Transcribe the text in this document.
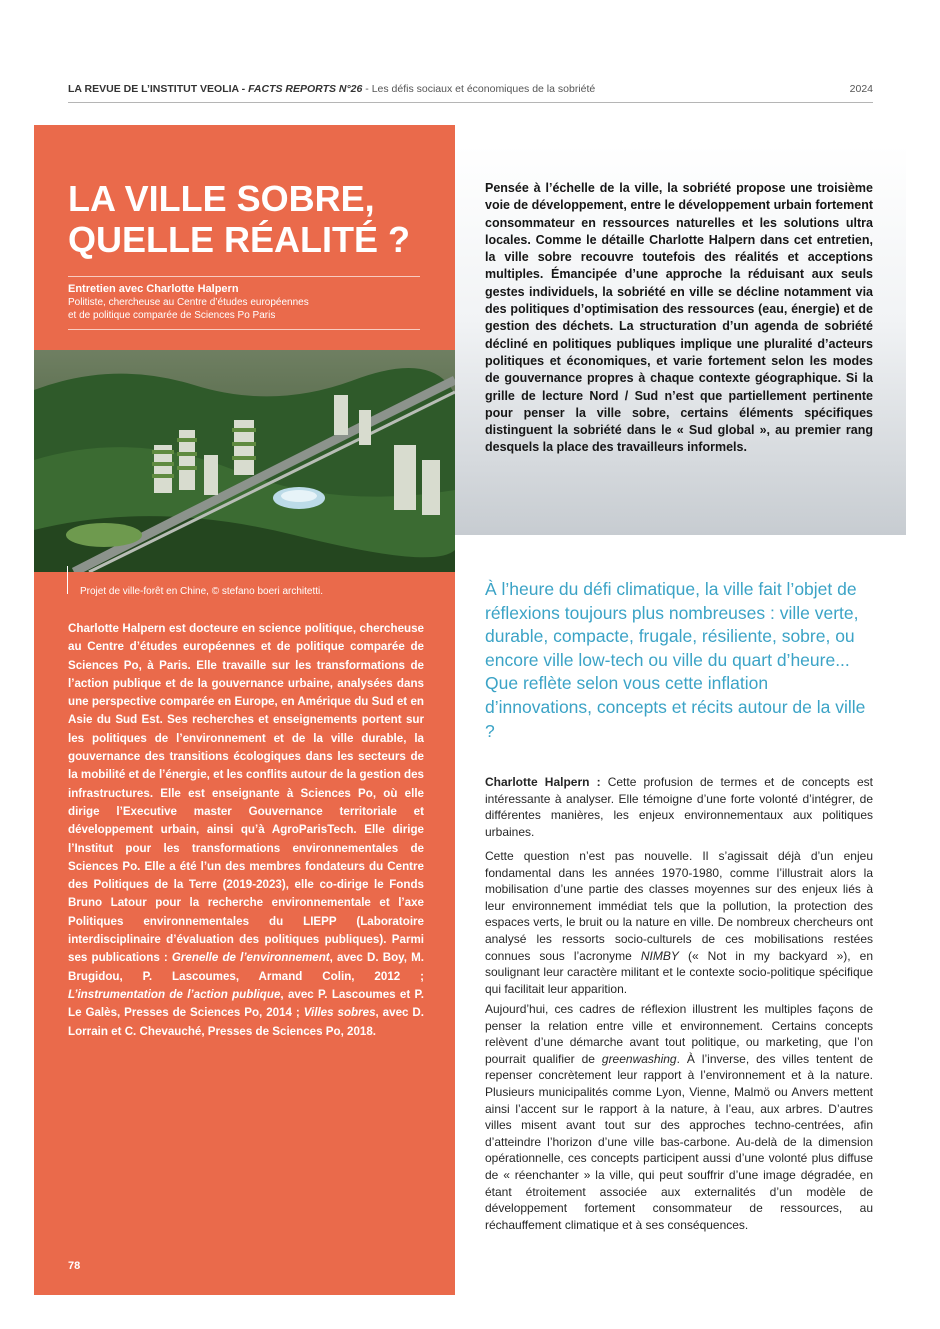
LA REVUE DE L’INSTITUT VEOLIA - FACTS REPORTS N°26 - Les défis sociaux et économiques de la sobriété	2024
LA VILLE SOBRE,
QUELLE RÉALITÉ ?
Entretien avec Charlotte Halpern
Politiste, chercheuse au Centre d’études européennes
et de politique comparée de Sciences Po Paris
Projet de ville-forêt en Chine, © stefano boeri architetti.

Charlotte Halpern est docteure en science politique, chercheuse au Centre d’études européennes et de politique comparée de Sciences Po, à Paris. Elle travaille sur les transformations de l’action publique et de la gouvernance urbaine, analysées dans une perspective comparée en Europe, en Amérique du Sud et en Asie du Sud Est. Ses recherches et enseignements portent sur les politiques de l’environnement et de la ville durable, la gouvernance des transitions écologiques dans les secteurs de la mobilité et de l’énergie, et les conflits autour de la gestion des infrastructures. Elle est enseignante à Sciences Po, où elle dirige l’Executive master Gouvernance territoriale et développement urbain, ainsi qu’à AgroParisTech. Elle dirige l’Institut pour les transformations environnementales de Sciences Po. Elle a été l’un des membres fondateurs du Centre des Politiques de la Terre (2019-2023), elle co-dirige le Fonds Bruno Latour pour la recherche environnementale et l’axe Politiques environnementales du LIEPP (Laboratoire interdisciplinaire d’évaluation des politiques publiques). Parmi ses publications : Grenelle de l’environnement, avec D. Boy, M. Brugidou, P. Lascoumes, Armand Colin, 2012 ; L’instrumentation de l’action publique, avec P. Lascoumes et P. Le Galès, Presses de Sciences Po, 2014 ; Villes sobres, avec D. Lorrain et C. Chevauché, Presses de Sciences Po, 2018.

78

Pensée à l’échelle de la ville, la sobriété propose une troisième voie de développement, entre le développement urbain fortement consommateur en ressources naturelles et les solutions ultra locales. Comme le détaille Charlotte Halpern dans cet entretien, la ville sobre recouvre toutefois des réalités et acceptions multiples. Émancipée d’une approche la réduisant aux seuls gestes individuels, la sobriété en ville se décline notamment via des politiques d’optimisation des ressources (eau, énergie) et de gestion des déchets. La structuration d’un agenda de sobriété décliné en politiques publiques implique une pluralité d’acteurs politiques et économiques, et varie fortement selon les modes de gouvernance propres à chaque contexte géographique. Si la grille de lecture Nord / Sud n’est que partiellement pertinente pour penser la ville sobre, certains éléments spécifiques distinguent la sobriété dans le « Sud global », au premier rang desquels la place des travailleurs informels.

À l’heure du défi climatique, la ville fait l’objet de réflexions toujours plus nombreuses : ville verte, durable, compacte, frugale, résiliente, sobre, ou encore ville low-tech ou ville du quart d’heure... Que reflète selon vous cette inflation d’innovations, concepts et récits autour de la ville ?

Charlotte Halpern : Cette profusion de termes et de concepts est intéressante à analyser. Elle témoigne d’une forte volonté d’intégrer, de différentes manières, les enjeux environnementaux aux politiques urbaines.

Cette question n’est pas nouvelle. Il s’agissait déjà d’un enjeu fondamental dans les années 1970-1980, comme l’illustrait alors la mobilisation d’une partie des classes moyennes sur des enjeux liés à leur environnement immédiat tels que la pollution, la protection des espaces verts, le bruit ou la nature en ville. De nombreux chercheurs ont analysé les ressorts socio-culturels de ces mobilisations restées connues sous l’acronyme NIMBY (« Not in my backyard »), en soulignant leur caractère militant et le contexte socio-politique spécifique qui facilitait leur apparition.

Aujourd’hui, ces cadres de réflexion illustrent les multiples façons de penser la relation entre ville et environnement. Certains concepts relèvent d’une démarche avant tout politique, ou marketing, que l’on pourrait qualifier de greenwashing. À l’inverse, des villes tentent de repenser concrètement leur rapport à l’environnement et à la nature. Plusieurs municipalités comme Lyon, Vienne, Malmö ou Anvers mettent ainsi l’accent sur le rapport à la nature, à l’eau, aux arbres. D’autres villes misent avant tout sur des approches techno-centrées, afin d’atteindre l’horizon d’une ville bas-carbone. Au-delà de la dimension opérationnelle, ces concepts participent aussi d’une volonté plus diffuse de « réenchanter » la ville, qui peut souffrir d’une image dégradée, en étant étroitement associée aux externalités d’un modèle de développement fortement consommateur de ressources, au réchauffement climatique et à ses conséquences.
